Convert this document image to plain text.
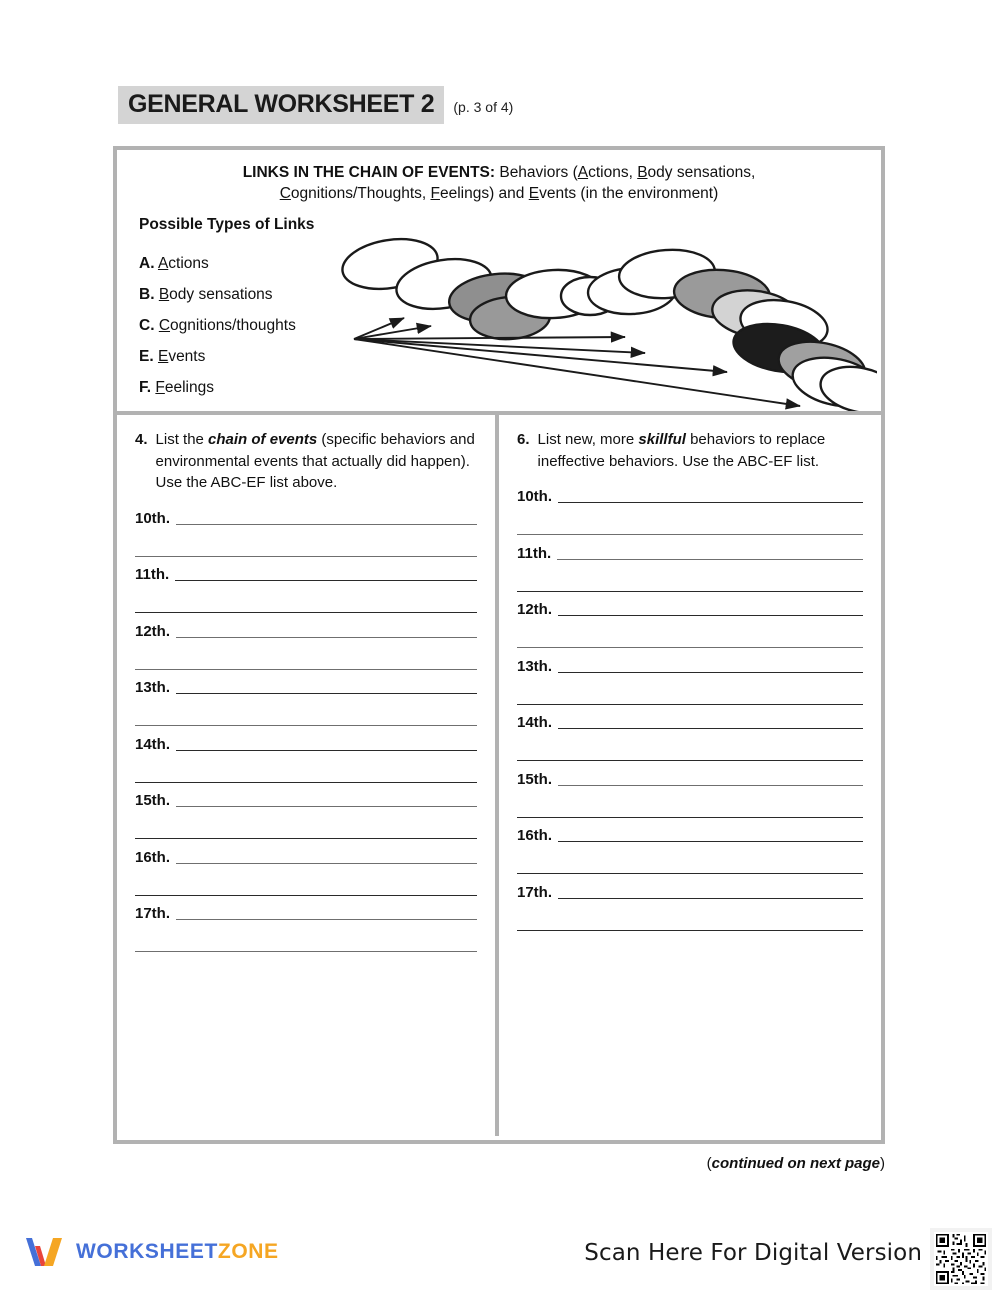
GENERAL WORKSHEET 2	(p. 3 of 4)
LINKS IN THE CHAIN OF EVENTS: Behaviors (Actions, Body sensations,
Cognitions/Thoughts, Feelings) and Events (in the environment)
Possible Types of Links
A. Actions
B. Body sensations
C. Cognitions/thoughts
E. Events
F. Feelings
4. List the chain of events (specific behaviors and environmental events that actually did happen). Use the ABC-EF list above.
10th.
11th.
12th.
13th.
14th.
15th.
16th.
17th.
6. List new, more skillful behaviors to replace ineffective behaviors. Use the ABC-EF list.
10th.
11th.
12th.
13th.
14th.
15th.
16th.
17th.
(continued on next page)
WORKSHEETZONE	Scan Here For Digital Version
